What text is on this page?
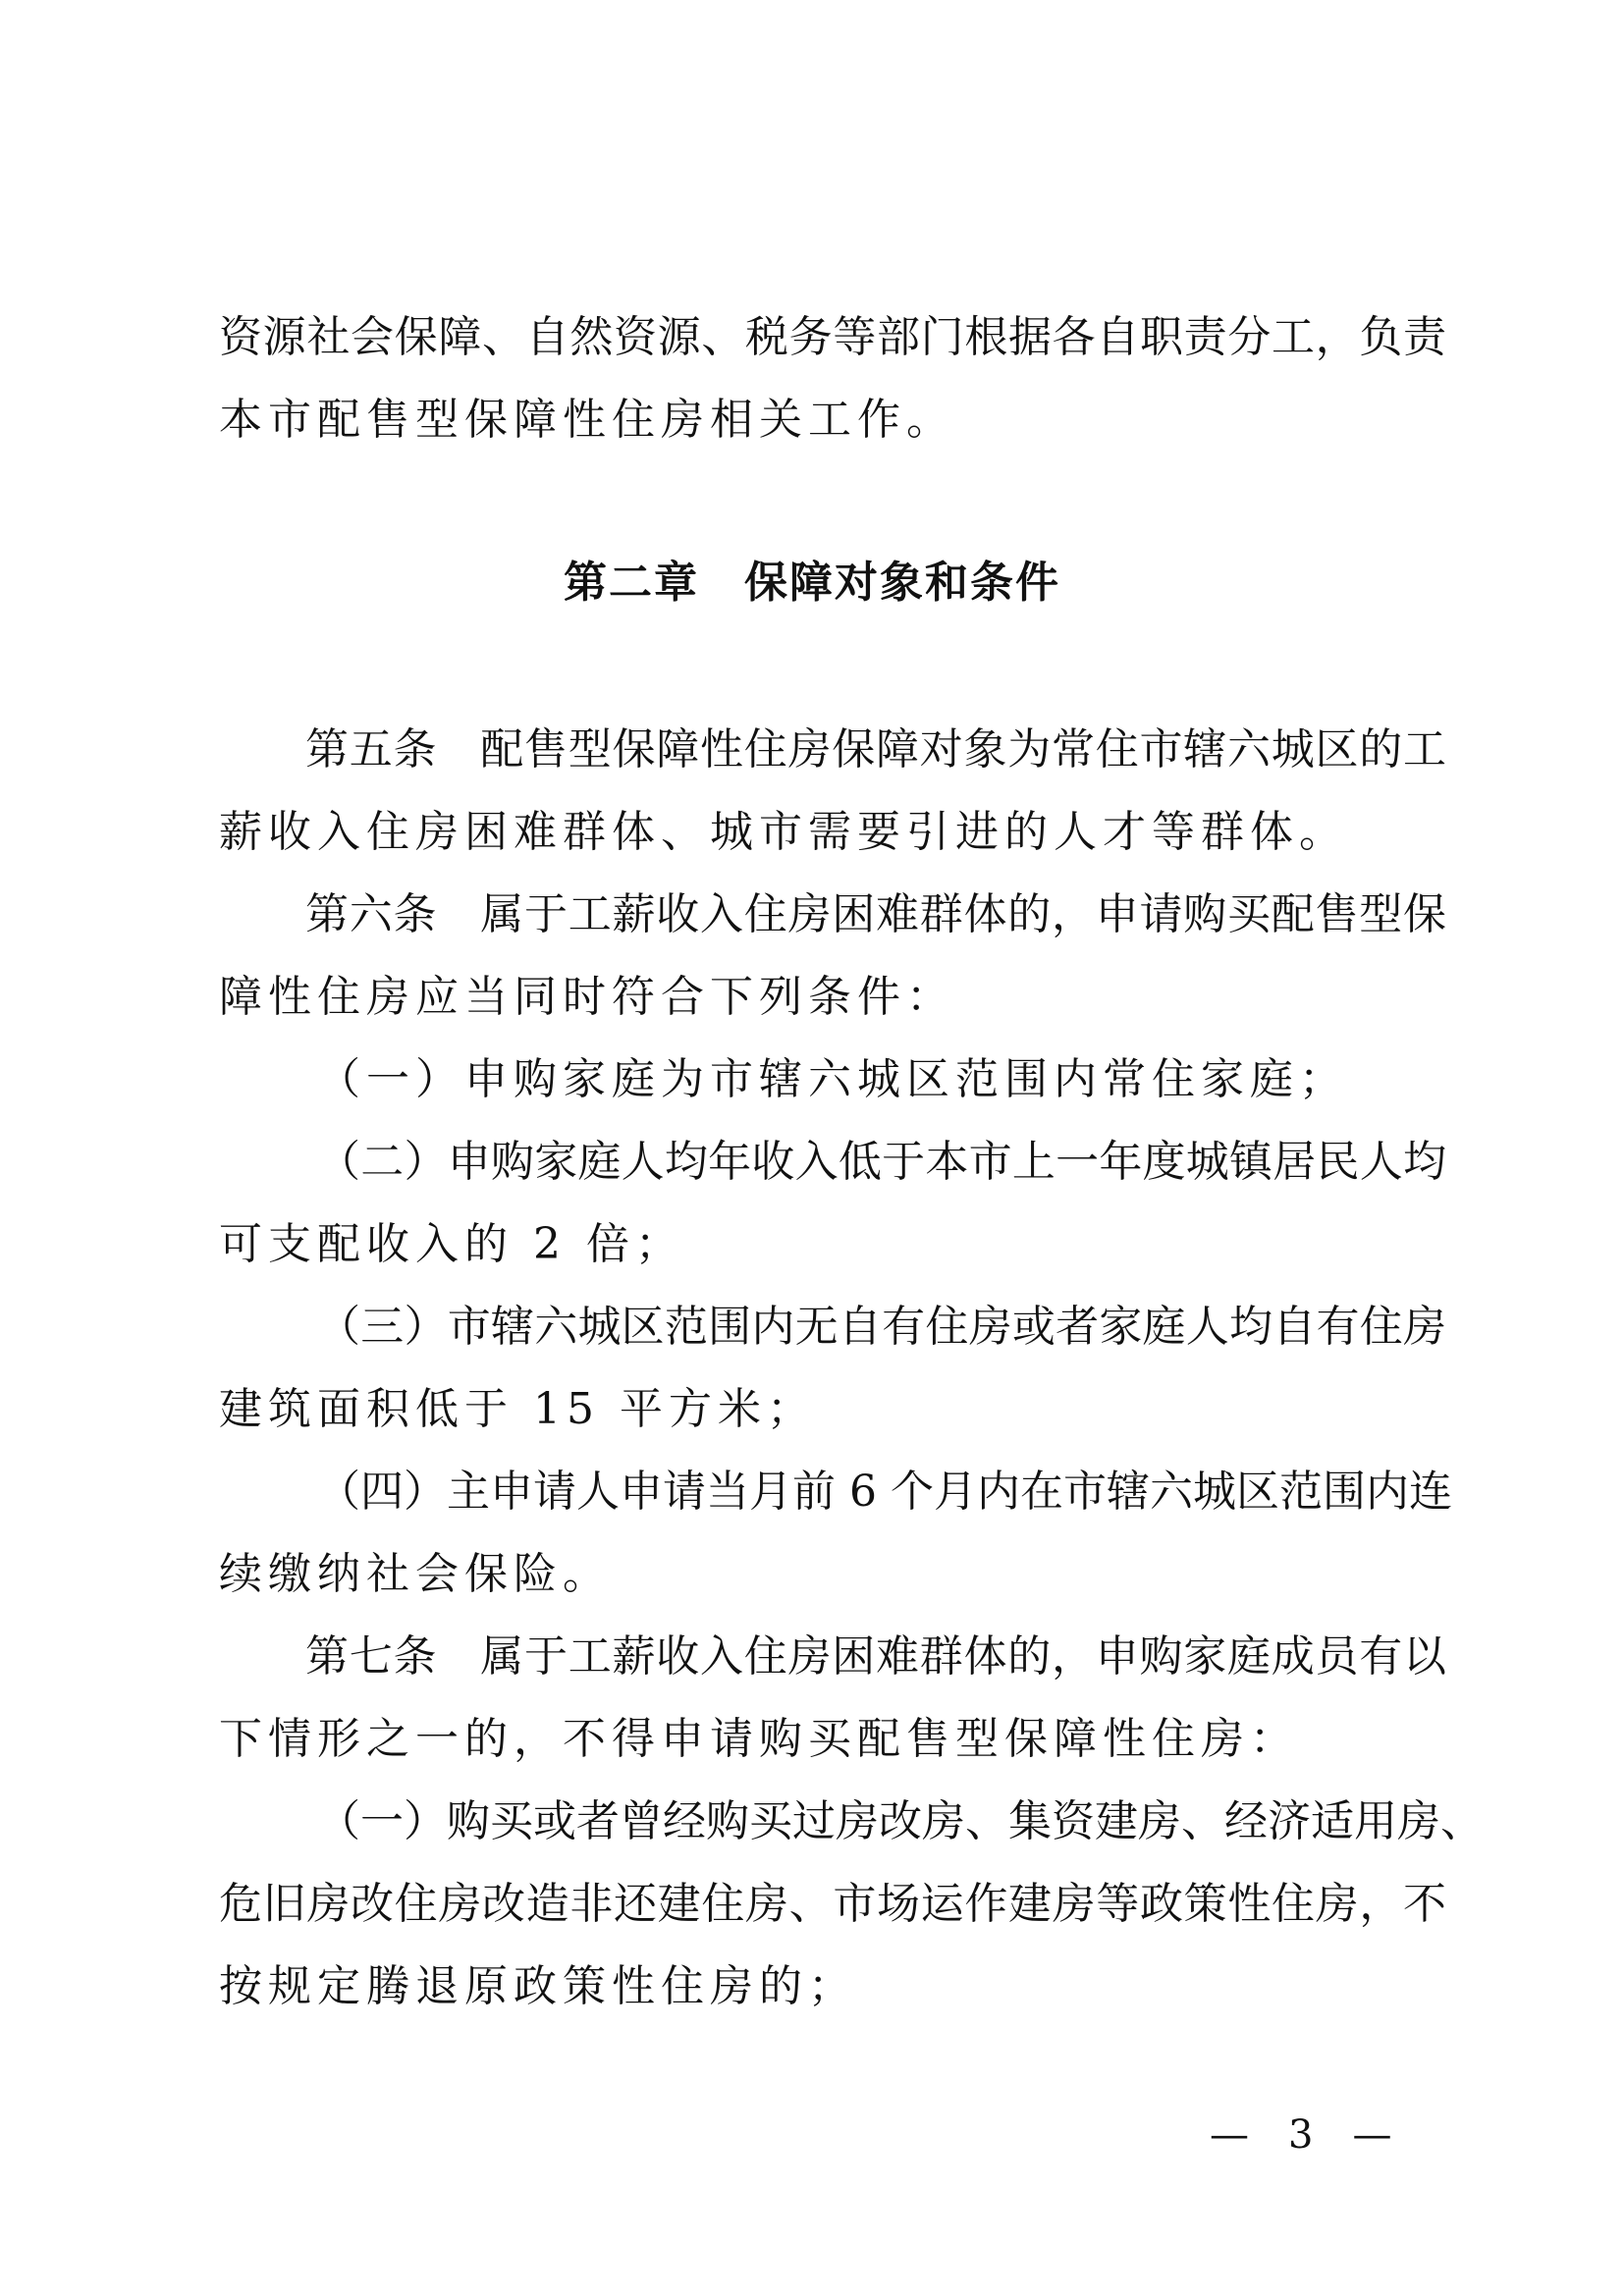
资源社会保障、自然资源、税务等部门根据各自职责分工，负责
本市配售型保障性住房相关工作。
第二章　保障对象和条件
第五条 配售型保障性住房保障对象为常住市辖六城区的工
薪收入住房困难群体、城市需要引进的人才等群体。
第六条 属于工薪收入住房困难群体的，申请购买配售型保
障性住房应当同时符合下列条件：
（一）申购家庭为市辖六城区范围内常住家庭；
（二）申购家庭人均年收入低于本市上一年度城镇居民人均
可支配收入的 2 倍；
（三）市辖六城区范围内无自有住房或者家庭人均自有住房
建筑面积低于 15 平方米；
（四）主申请人申请当月前 6 个月内在市辖六城区范围内连
续缴纳社会保险。
第七条 属于工薪收入住房困难群体的，申购家庭成员有以
下情形之一的，不得申请购买配售型保障性住房：
（一）购买或者曾经购买过房改房、集资建房、经济适用房、
危旧房改住房改造非还建住房、市场运作建房等政策性住房，不
按规定腾退原政策性住房的；
—　3　—
